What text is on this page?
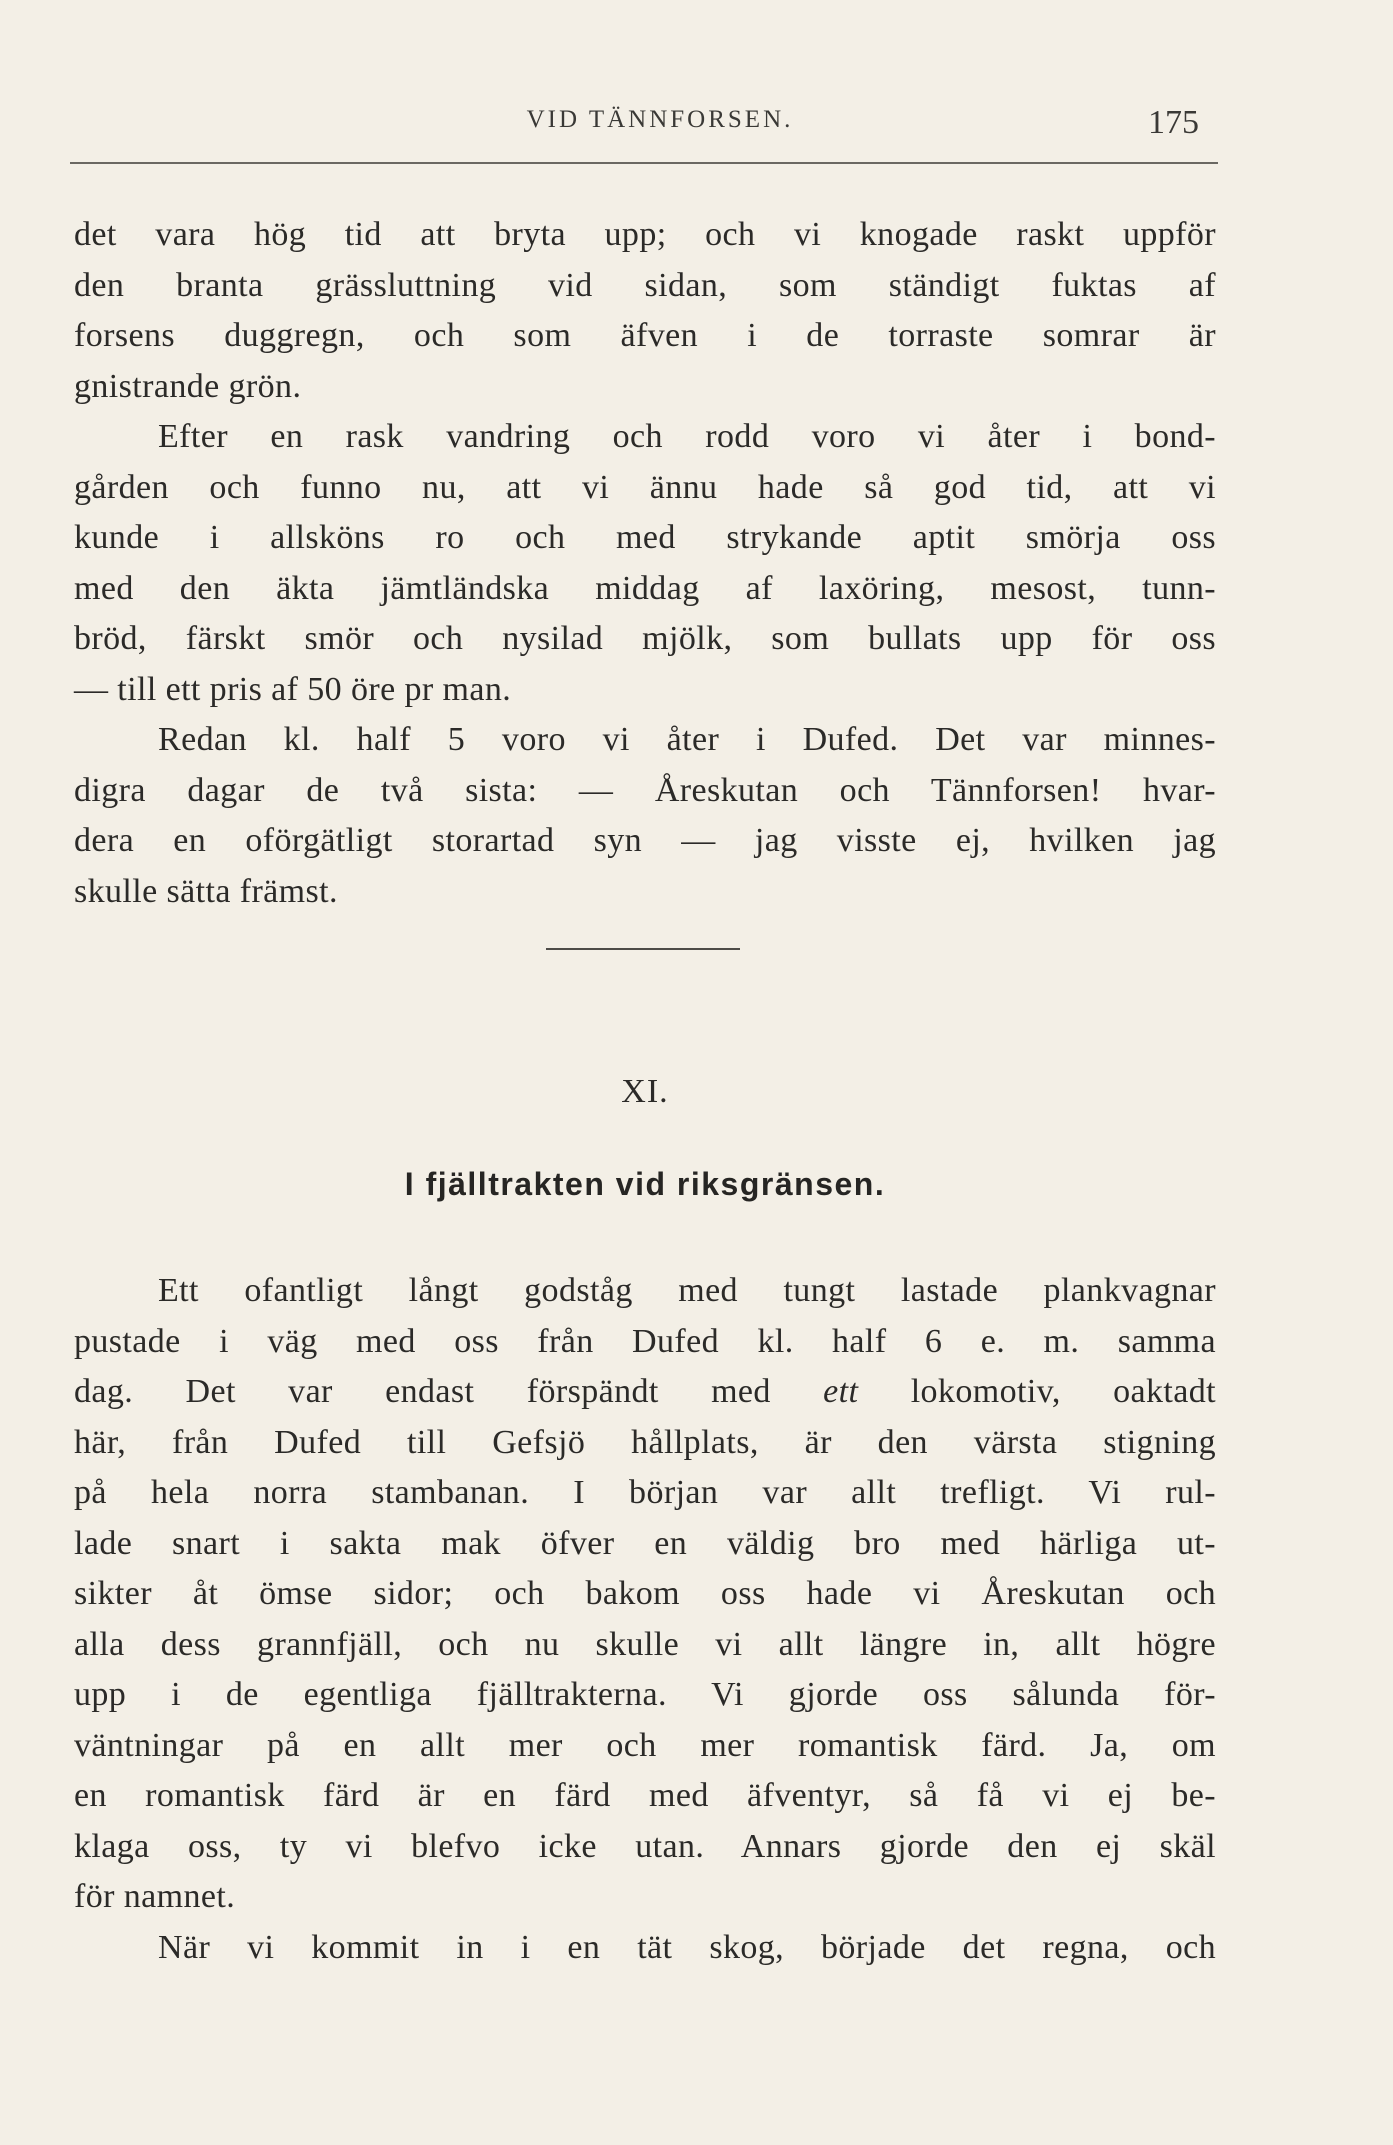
VID TÄNNFORSEN.	175
det vara hög tid att bryta upp; och vi knogade raskt uppför
den branta grässluttning vid sidan, som ständigt fuktas af
forsens duggregn, och som äfven i de torraste somrar är
gnistrande grön.
Efter en rask vandring och rodd voro vi åter i bond-
gården och funno nu, att vi ännu hade så god tid, att vi
kunde i allsköns ro och med strykande aptit smörja oss
med den äkta jämtländska middag af laxöring, mesost, tunn-
bröd, färskt smör och nysilad mjölk, som bullats upp för oss
— till ett pris af 50 öre pr man.
Redan kl. half 5 voro vi åter i Dufed. Det var minnes-
digra dagar de två sista: — Åreskutan och Tännforsen! hvar-
dera en oförgätligt storartad syn — jag visste ej, hvilken jag
skulle sätta främst.
XI.
I fjälltrakten vid riksgränsen.
Ett ofantligt långt godståg med tungt lastade plankvagnar
pustade i väg med oss från Dufed kl. half 6 e. m. samma
dag. Det var endast förspändt med ett lokomotiv, oaktadt
här, från Dufed till Gefsjö hållplats, är den värsta stigning
på hela norra stambanan. I början var allt trefligt. Vi rul-
lade snart i sakta mak öfver en väldig bro med härliga ut-
sikter åt ömse sidor; och bakom oss hade vi Åreskutan och
alla dess grannfjäll, och nu skulle vi allt längre in, allt högre
upp i de egentliga fjälltrakterna. Vi gjorde oss sålunda för-
väntningar på en allt mer och mer romantisk färd. Ja, om
en romantisk färd är en färd med äfventyr, så få vi ej be-
klaga oss, ty vi blefvo icke utan. Annars gjorde den ej skäl
för namnet.
När vi kommit in i en tät skog, började det regna, och
